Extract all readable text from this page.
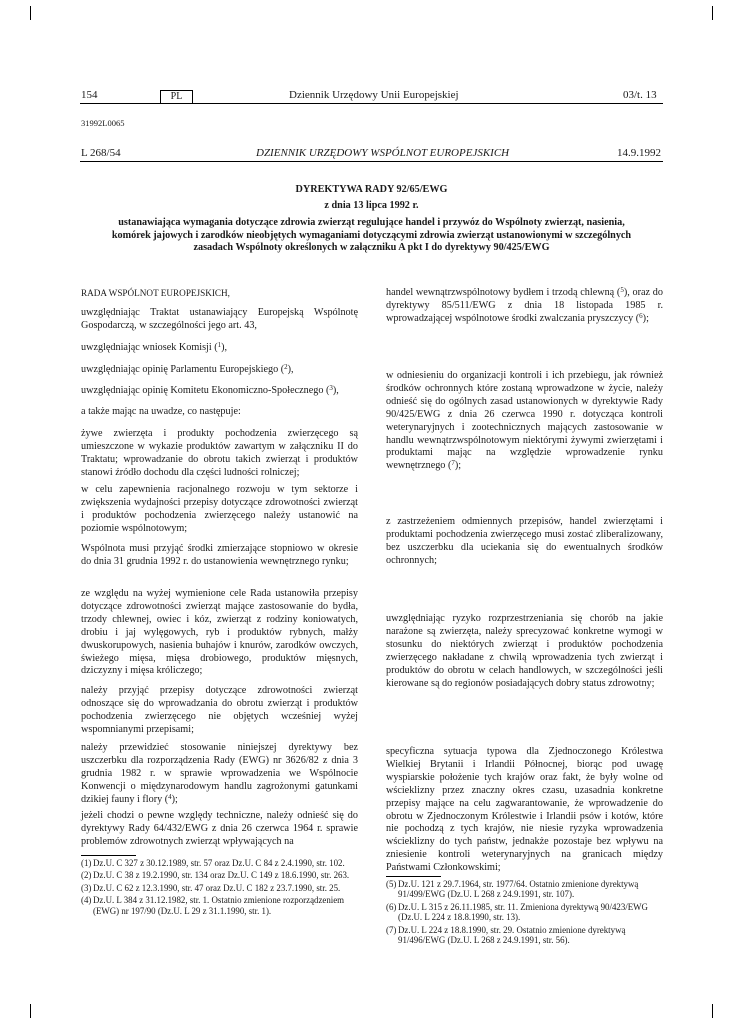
154	PL	Dziennik Urzędowy Unii Europejskiej	03/t. 13
31992L0065
L 268/54	DZIENNIK URZĘDOWY WSPÓLNOT EUROPEJSKICH	14.9.1992
DYREKTYWA RADY 92/65/EWG
z dnia 13 lipca 1992 r.
ustanawiająca wymagania dotyczące zdrowia zwierząt regulujące handel i przywóz do Wspólnoty zwierząt, nasienia, komórek jajowych i zarodków nieobjętych wymaganiami dotyczącymi zdrowia zwierząt ustanowionymi w szczególnych zasadach Wspólnoty określonych w załączniku A pkt I do dyrektywy 90/425/EWG

RADA WSPÓLNOT EUROPEJSKICH,

uwzględniając Traktat ustanawiający Europejską Wspólnotę Gospodarczą, w szczególności jego art. 43,
uwzględniając wniosek Komisji ($^1$),
uwzględniając opinię Parlamentu Europejskiego ($^2$),
uwzględniając opinię Komitetu Ekonomiczno-Społecznego ($^3$),
a także mając na uwadze, co następuje:
żywe zwierzęta i produkty pochodzenia zwierzęcego są umieszczone w wykazie produktów zawartym w załączniku II do Traktatu; wprowadzanie do obrotu takich zwierząt i produktów stanowi źródło dochodu dla części ludności rolniczej;
w celu zapewnienia racjonalnego rozwoju w tym sektorze i zwiększenia wydajności przepisy dotyczące zdrowotności zwierząt i produktów pochodzenia zwierzęcego należy ustanowić na poziomie wspólnotowym;
Wspólnota musi przyjąć środki zmierzające stopniowo w okresie do dnia 31 grudnia 1992 r. do ustanowienia wewnętrznego rynku;
ze względu na wyżej wymienione cele Rada ustanowiła przepisy dotyczące zdrowotności zwierząt mające zastosowanie do bydła, trzody chlewnej, owiec i kóz, zwierząt z rodziny koniowatych, drobiu i jaj wylęgowych, ryb i produktów rybnych, małży dwuskorupowych, nasienia buhajów i knurów, zarodków owczych, świeżego mięsa, mięsa drobiowego, produktów mięsnych, dziczyzny i mięsa króliczego;
należy przyjąć przepisy dotyczące zdrowotności zwierząt odnoszące się do wprowadzania do obrotu zwierząt i produktów pochodzenia zwierzęcego nie objętych wcześniej wyżej wspomnianymi przepisami;
należy przewidzieć stosowanie niniejszej dyrektywy bez uszczerbku dla rozporządzenia Rady (EWG) nr 3626/82 z dnia 3 grudnia 1982 r. w sprawie wprowadzenia we Wspólnocie Konwencji o międzynarodowym handlu zagrożonymi gatunkami dzikiej fauny i flory ($^4$);
jeżeli chodzi o pewne względy techniczne, należy odnieść się do dyrektywy Rady 64/432/EWG z dnia 26 czerwca 1964 r. sprawie problemów zdrowotnych zwierząt wpływających na
handel wewnątrzwspólnotowy bydłem i trzodą chlewną ($^5$), oraz do dyrektywy 85/511/EWG z dnia 18 listopada 1985 r. wprowadzającej wspólnotowe środki zwalczania pryszczycy ($^6$);
w odniesieniu do organizacji kontroli i ich przebiegu, jak również środków ochronnych które zostaną wprowadzone w życie, należy odnieść się do ogólnych zasad ustanowionych w dyrektywie Rady 90/425/EWG z dnia 26 czerwca 1990 r. dotycząca kontroli weterynaryjnych i zootechnicznych mających zastosowanie w handlu wewnątrzwspólnotowym niektórymi żywymi zwierzętami i produktami mając na względzie wprowadzenie rynku wewnętrznego ($^7$);
z zastrzeżeniem odmiennych przepisów, handel zwierzętami i produktami pochodzenia zwierzęcego musi zostać zliberalizowany, bez uszczerbku dla uciekania się do ewentualnych środków ochronnych;
uwzględniając ryzyko rozprzestrzeniania się chorób na jakie narażone są zwierzęta, należy sprecyzować konkretne wymogi w stosunku do niektórych zwierząt i produktów pochodzenia zwierzęcego nakładane z chwilą wprowadzenia tych zwierząt i produktów do obrotu w celach handlowych, w szczególności jeśli kierowane są do regionów posiadających dobry status zdrowotny;
specyficzna sytuacja typowa dla Zjednoczonego Królestwa Wielkiej Brytanii i Irlandii Północnej, biorąc pod uwagę wyspiarskie położenie tych krajów oraz fakt, że były wolne od wścieklizny przez znaczny okres czasu, uzasadnia konkretne przepisy mające na celu zagwarantowanie, że wprowadzenie do obrotu w Zjednoczonym Królestwie i Irlandii psów i kotów, które nie pochodzą z tych krajów, nie niesie ryzyka wprowadzenia wścieklizny do tych państw, jednakże pozostaje bez wpływu na zniesienie kontroli weterynaryjnych na granicach między Państwami Członkowskimi;
(1) Dz.U. C 327 z 30.12.1989, str. 57 oraz Dz.U. C 84 z 2.4.1990, str. 102.
(2) Dz.U. C 38 z 19.2.1990, str. 134 oraz Dz.U. C 149 z 18.6.1990, str. 263.
(3) Dz.U. C 62 z 12.3.1990, str. 47 oraz Dz.U. C 182 z 23.7.1990, str. 25.
(4) Dz.U. L 384 z 31.12.1982, str. 1. Ostatnio zmienione rozporządzeniem (EWG) nr 197/90 (Dz.U. L 29 z 31.1.1990, str. 1).
(5) Dz.U. 121 z 29.7.1964, str. 1977/64. Ostatnio zmienione dyrektywą 91/499/EWG (Dz.U. L 268 z 24.9.1991, str. 107).
(6) Dz.U. L 315 z 26.11.1985, str. 11. Zmieniona dyrektywą 90/423/EWG (Dz.U. L 224 z 18.8.1990, str. 13).
(7) Dz.U. L 224 z 18.8.1990, str. 29. Ostatnio zmienione dyrektywą 91/496/EWG (Dz.U. L 268 z 24.9.1991, str. 56).
